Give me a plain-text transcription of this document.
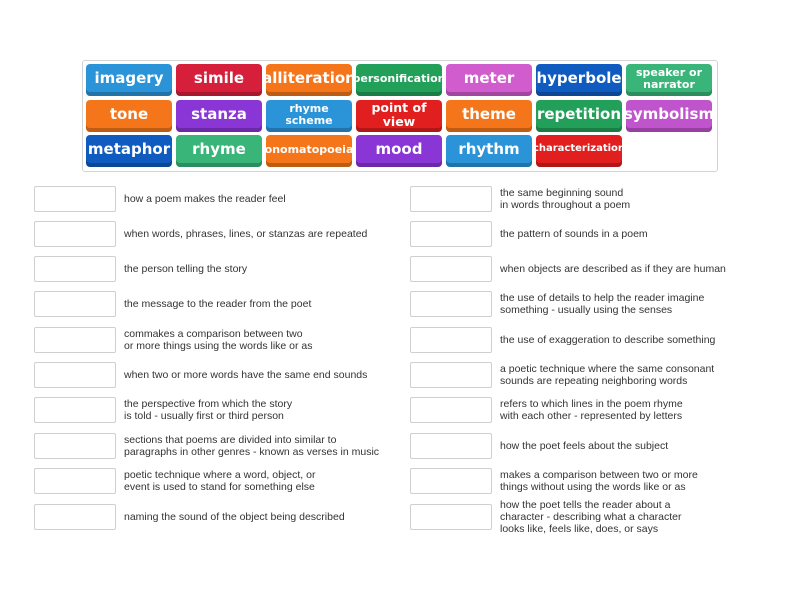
imagery	simile	alliteration
personification	meter	hyperbole	speaker or narrator
tone	stanza	rhyme scheme
point of view	theme	repetition symbolism
metaphor	rhyme	onomatopoeia	mood	rhythm	characterization
how a poem makes the reader feel
when words, phrases, lines, or stanzas are repeated
the person telling the story
the message to the reader from the poet
commakes a comparison between two
or more things using the words like or as
when two or more words have the same end sounds
the perspective from which the story
is told - usually first or third person
sections that poems are divided into similar to
paragraphs in other genres - known as verses in music
poetic technique where a word, object, or
event is used to stand for something else
naming the sound of the object being described
the same beginning sound
in words throughout a poem
the pattern of sounds in a poem
when objects are described as if they are human
the use of details to help the reader imagine
something - usually using the senses
the use of exaggeration to describe something
a poetic technique where the same consonant
sounds are repeating neighboring words
refers to which lines in the poem rhyme
with each other - represented by letters
how the poet feels about the subject
makes a comparison between two or more
things without using the words like or as
how the poet tells the reader about a
character - describing what a character
looks like, feels like, does, or says
